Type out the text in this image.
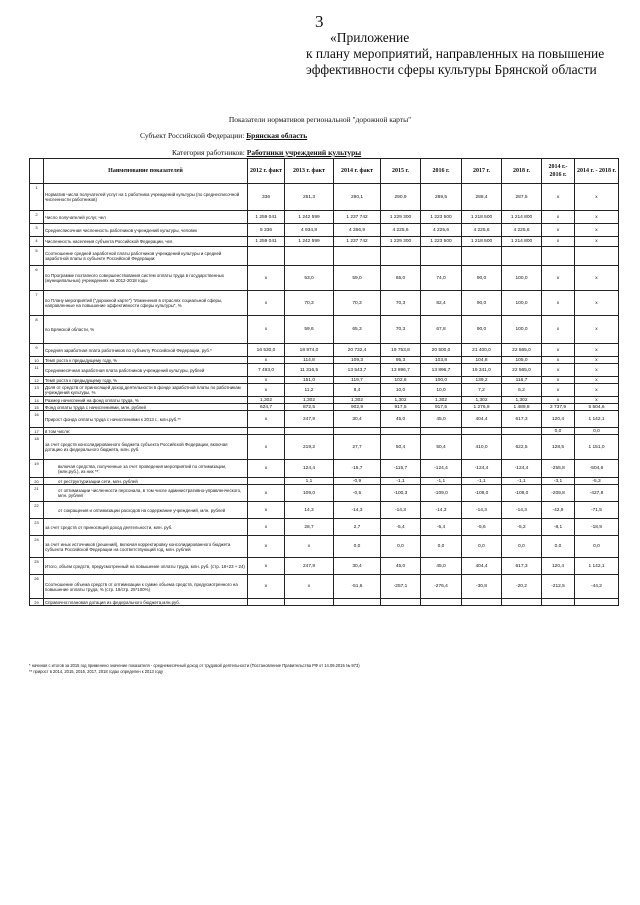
3
«Приложение
к плану мероприятий, направленных на повышение
эффективности сферы культуры Брянской области
Показатели нормативов региональной "дорожной карты"
Субъект Российской Федерации: Брянская область
Категория работников: Работники учреждений культуры
	Наименование показателей	2012 г. факт	2013 г. факт	2014 г. факт	2015 г.	2016 г.	2017 г.	2018 г.	2014 г.- 2016 г.	2014 г. - 2018 г.
1	Норматив числа получателей услуг на 1 работника учреждений культуры (по среднесписочной численности работников)	336	251,3	290,1	290,9	289,5	288,4	287,5	х	х
2	Число получателей услуг, чел	1 259 041	1 242 599	1 237 742	1 229 300	1 223 500	1 218 500	1 214 800	х	х
3	Среднесписочная численность работников учреждений культуры, человек	5 336	4 934,8	4 266,9	4 225,6	4 225,6	4 225,6	4 225,6	х	х
4	Численность населения субъекта Российской Федерации, чел.	1 259 041	1 242 599	1 237 742	1 229 300	1 223 500	1 218 500	1 214 800	х	х
5	Соотношение средней заработной платы работников учреждений культуры и средней заработной платы в субъекте Российской Федерации:									
6	по Программе поэтапного совершенствования систем оплаты труда в государственных (муниципальных) учреждениях на 2012-2018 годы	х	53,0	59,0	65,0	74,0	90,0	100,0	х	х
7	по Плану мероприятий ("дорожной карте") "Изменения в отраслях социальной сферы, направленные на повышение эффективности сферы культуры", %	х	70,3	70,3	70,3	82,4	90,0	100,0	х	х
8	по Брянской области, %	х	59,6	65,3	70,3	67,8	90,0	100,0	х	х
9	Средняя заработная плата работников по субъекту Российской Федерации, руб.*	16 530,0	18 974,0	20 732,4	19 753,8	20 500,0	21 400,0	22 565,0	х	х
10	Темп роста к предыдущему году, %	х	114,8	109,3	95,3	103,8	104,8	105,0	х	х
11	Среднемесячная заработная плата работников учреждений культуры, рублей	7 493,0	11 316,5	13 543,7	13 896,7	13 896,7	19 341,0	22 565,0	х	х
12	Темп роста к предыдущему году, %	х	151,0	119,7	102,6	100,0	139,2	116,7	х	х
13	Доля от средств от приносящей доход деятельности в фонде заработной платы по работникам учреждений культуры, %	х	11,2	8,4	10,0	10,0	7,2	6,2	х	х
14	Размер начислений на фонд оплаты труда, %	1,302	1,302	1,302	1,302	1,302	1,302	1,302	х	х
15	Фонд оплаты труда с начислениями, млн. рублей	624,7	872,5	902,9	917,5	917,5	1 276,9	1 489,8	2 737,9	5 504,6
16	Прирост фонда оплаты труда с начислениями к 2013 г., млн.руб.**	х	247,9	30,4	45,0	45,0	404,4	617,3	120,4	1 142,1
17	в том числе:								0,0	0,0
18	за счет средств консолидированного бюджета субъекта Российской Федерации, включая дотацию из федерального бюджета, млн. руб.	х	219,2	27,7	50,4	50,4	410,0	622,5	128,5	1 151,0
19	включая средства, полученные за счет проведения мероприятий по оптимизации, (млн.руб.), из них **:	х	124,4	-15,7	-115,7	-124,4	-124,4	-124,4	-255,8	-504,6
20	от реструктуризации сети, млн. рублей		1,1	-0,9	-1,1	-1,1	-1,1	-1,1	-3,1	-5,3
21	от оптимизации численности персонала, в том числе административно-управленческого, млн. рублей	х	109,0	-0,5	-100,3	-109,0	-109,0	-109,0	-209,8	-427,8
22	от сокращения и оптимизации расходов на содержание учреждений, млн. рублей	х	14,3	-14,3	-14,3	-14,3	-14,3	-14,3	-42,9	-71,5
23	за счет средств от приносящей доход деятельности, млн. руб.	х	28,7	2,7	-5,4	-5,4	-5,6	-5,2	-8,1	-18,9
24	за счет иных источников (решений), включая корректировку консолидированного бюджета субъекта Российской Федерации на соответствующий год, млн. рублей	х	х	0,0	0,0	0,0	0,0	0,0	0,0	0,0
25	Итого, объем средств, предусмотренный на повышение оплаты труда, млн. руб. (стр. 18+23 + 24)	х	247,9	30,4	45,0	45,0	404,4	617,3	120,4	1 142,1
26	Соотношение объема средств от оптимизации к сумме объема средств, предусмотренного на повышение оплаты труда, % (стр. 19/стр. 25*100%)	х	х	-51,6	-257,1	-276,4	-30,8	-20,2	-212,5	-44,2
29	Справочно:плановая дотация из федерального бюджета,млн.руб.									
* начиная с итогов за 2015 год применено значение показателя - среднемесячный доход от трудовой деятельности (Постановление Правительства РФ от 14.09.2015 № 973)
** прирост в 2014, 2015, 2016, 2017, 2018 годах определен к 2013 году
